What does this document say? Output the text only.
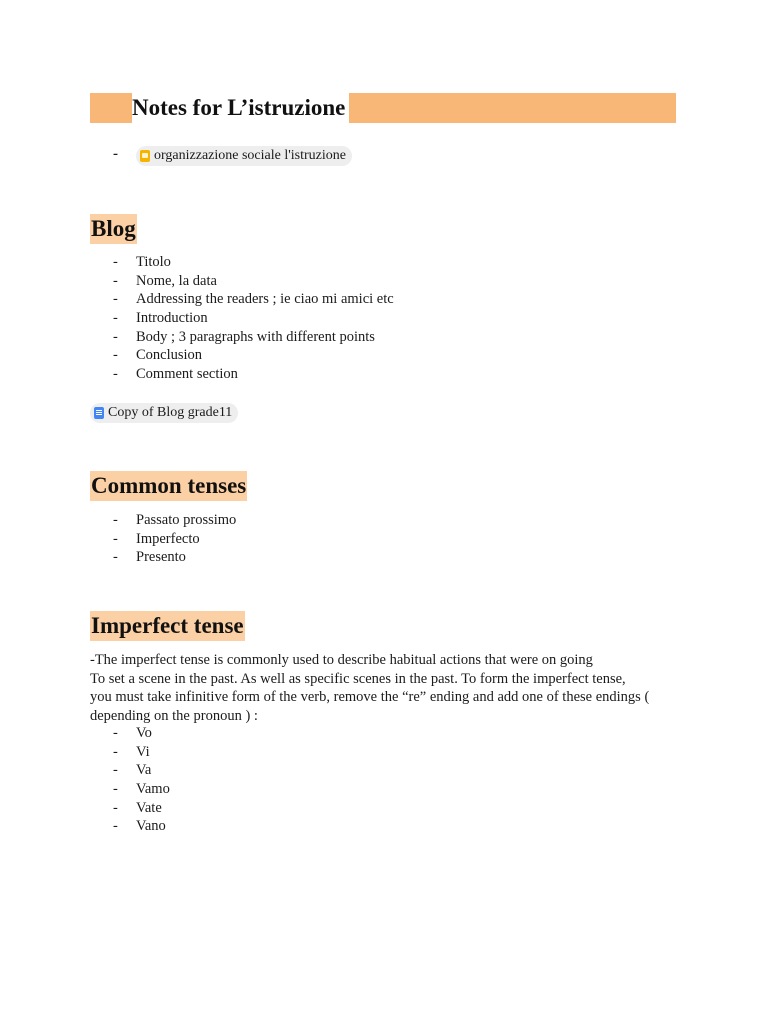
Notes for L’istruzione
-	organizzazione sociale l'istruzione
Blog
- Titolo
- Nome, la data
- Addressing the readers ; ie ciao mi amici etc
- Introduction
- Body ; 3 paragraphs with different points
- Conclusion
- Comment section
Copy of Blog grade11
Common tenses
- Passato prossimo
- Imperfecto
- Presento
Imperfect tense

-The imperfect tense is commonly used to describe habitual actions that were on going

To set a scene in the past. As well as specific scenes in the past. To form the imperfect tense,

you must take infinitive form of the verb, remove the “re” ending and add one of these endings (

depending on the pronoun ) :

- Vo
- Vi
- Va
- Vamo
- Vate
- Vano
